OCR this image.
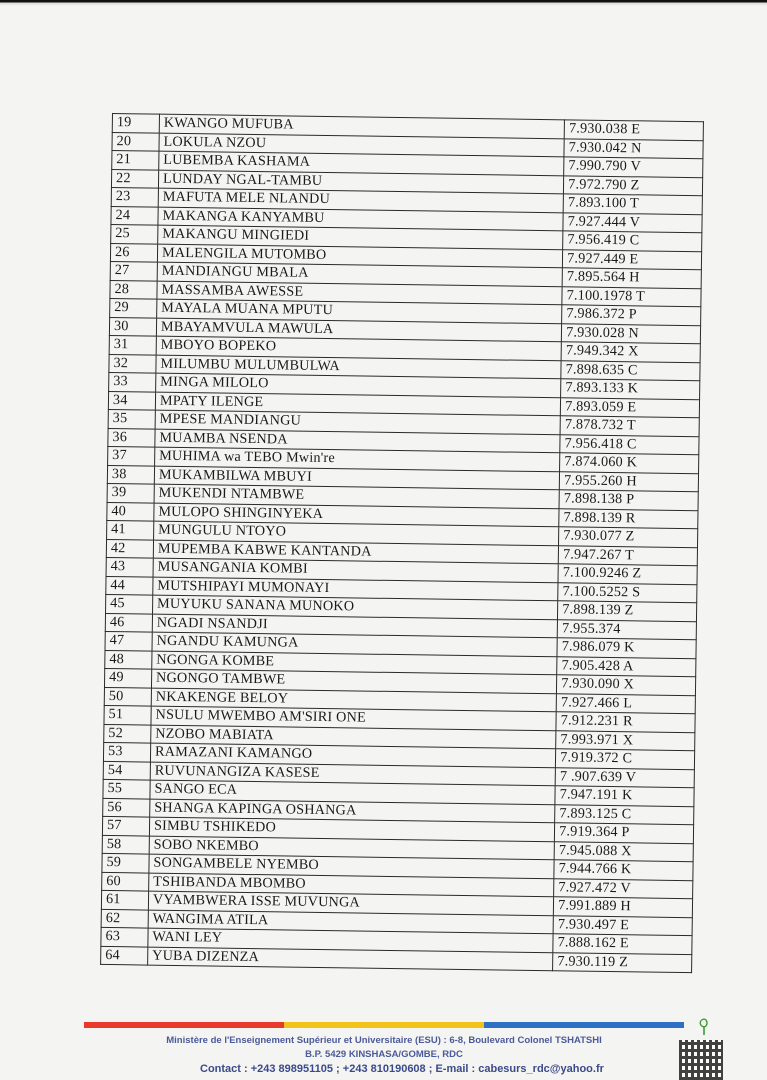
19	KWANGO MUFUBA	7.930.038 E
20	LOKULA NZOU	7.930.042 N
21	LUBEMBA KASHAMA	7.990.790 V
22	LUNDAY NGAL-TAMBU	7.972.790 Z
23	MAFUTA MELE NLANDU	7.893.100 T
24	MAKANGA KANYAMBU	7.927.444 V
25	MAKANGU MINGIEDI	7.956.419 C
26	MALENGILA MUTOMBO	7.927.449 E
27	MANDIANGU MBALA	7.895.564 H
28	MASSAMBA AWESSE	7.100.1978 T
29	MAYALA MUANA MPUTU	7.986.372 P
30	MBAYAMVULA MAWULA	7.930.028 N
31	MBOYO BOPEKO	7.949.342 X
32	MILUMBU MULUMBULWA	7.898.635 C
33	MINGA MILOLO	7.893.133 K
34	MPATY ILENGE	7.893.059 E
35	MPESE MANDIANGU	7.878.732 T
36	MUAMBA NSENDA	7.956.418 C
37	MUHIMA wa TEBO Mwin're	7.874.060 K
38	MUKAMBILWA MBUYI	7.955.260 H
39	MUKENDI NTAMBWE	7.898.138 P
40	MULOPO SHINGINYEKA	7.898.139 R
41	MUNGULU NTOYO	7.930.077 Z
42	MUPEMBA KABWE KANTANDA	7.947.267 T
43	MUSANGANIA KOMBI	7.100.9246 Z
44	MUTSHIPAYI MUMONAYI	7.100.5252 S
45	MUYUKU SANANA MUNOKO	7.898.139 Z
46	NGADI NSANDJI	7.955.374
47	NGANDU KAMUNGA	7.986.079 K
48	NGONGA KOMBE	7.905.428 A
49	NGONGO TAMBWE	7.930.090 X
50	NKAKENGE BELOY	7.927.466 L
51	NSULU MWEMBO AM'SIRI ONE	7.912.231 R
52	NZOBO MABIATA	7.993.971 X
53	RAMAZANI KAMANGO	7.919.372 C
54	RUVUNANGIZA KASESE	7 .907.639 V
55	SANGO ECA	7.947.191 K
56	SHANGA KAPINGA OSHANGA	7.893.125 C
57	SIMBU TSHIKEDO	7.919.364 P
58	SOBO NKEMBO	7.945.088 X
59	SONGAMBELE NYEMBO	7.944.766 K
60	TSHIBANDA MBOMBO	7.927.472 V
61	VYAMBWERA ISSE MUVUNGA	7.991.889 H
62	WANGIMA ATILA	7.930.497 E
63	WANI LEY	7.888.162 E
64	YUBA DIZENZA	7.930.119 Z
Ministère de l'Enseignement Supérieur et Universitaire (ESU) : 6-8, Boulevard Colonel TSHATSHI
B.P. 5429 KINSHASA/GOMBE, RDC
Contact : +243 898951105 ; +243 810190608 ; E-mail : cabesurs_rdc@yahoo.fr
